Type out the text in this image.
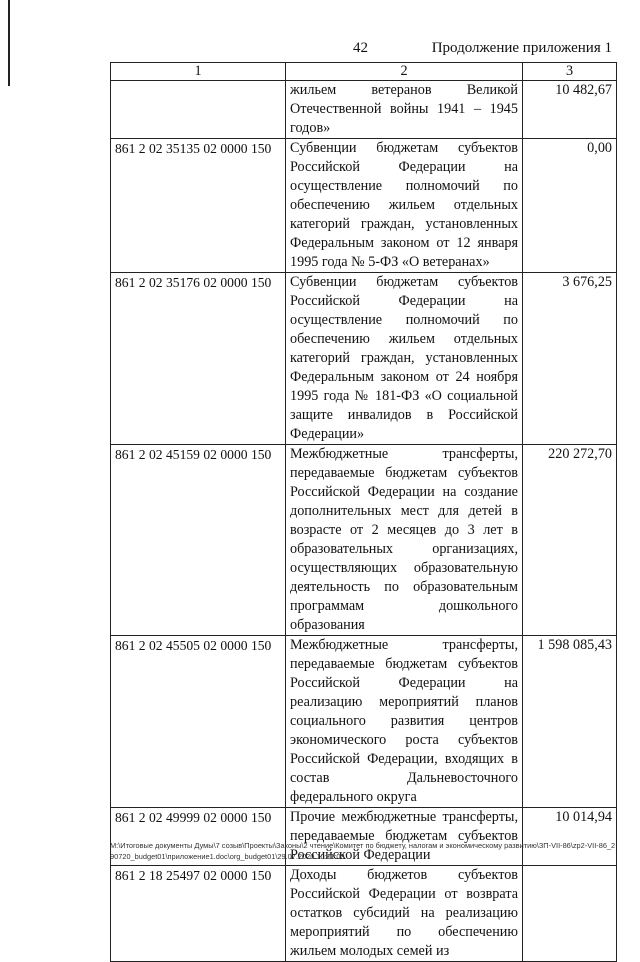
42	Продолжение приложения 1
1	2	3
	жильем ветеранов Великой Отечественной войны 1941 – 1945 годов»	10 482,67
861 2 02 35135 02 0000 150	Субвенции бюджетам субъектов Российской Федерации на осуществление полномочий по обеспечению жильем отдельных категорий граждан, установленных Федеральным законом от 12 января 1995 года № 5-ФЗ «О ветеранах»	0,00
861 2 02 35176 02 0000 150	Субвенции бюджетам субъектов Российской Федерации на осуществление полномочий по обеспечению жильем отдельных категорий граждан, установленных Федеральным законом от 24 ноября 1995 года № 181-ФЗ «О социальной защите инвалидов в Российской Федерации»	3 676,25
861 2 02 45159 02 0000 150	Межбюджетные трансферты, передаваемые бюджетам субъектов Российской Федерации на создание дополнительных мест для детей в возрасте от 2 месяцев до 3 лет в образовательных организациях, осуществляющих образовательную деятельность по образовательным программам дошкольного образования	220 272,70
861 2 02 45505 02 0000 150	Межбюджетные трансферты, передаваемые бюджетам субъектов Российской Федерации на реализацию мероприятий планов социального развития центров экономического роста субъектов Российской Федерации, входящих в состав Дальневосточного федерального округа	1 598 085,43
861 2 02 49999 02 0000 150	Прочие межбюджетные трансферты, передаваемые бюджетам субъектов Российской Федерации	10 014,94
861 2 18 25497 02 0000 150	Доходы бюджетов субъектов Российской Федерации от возврата остатков субсидий на реализацию мероприятий по обеспечению жильем молодых семей из	
М:\Итоговые документы Думы\7 созыв\Проекты\Законы\2 чтение\Комитет по бюджету, налогам и экономическому развитию\ЗП-VII-86\zp2-VII-86_290720_budget01\приложение1.doc\org_budget01\29.07.2020 10:11:03
